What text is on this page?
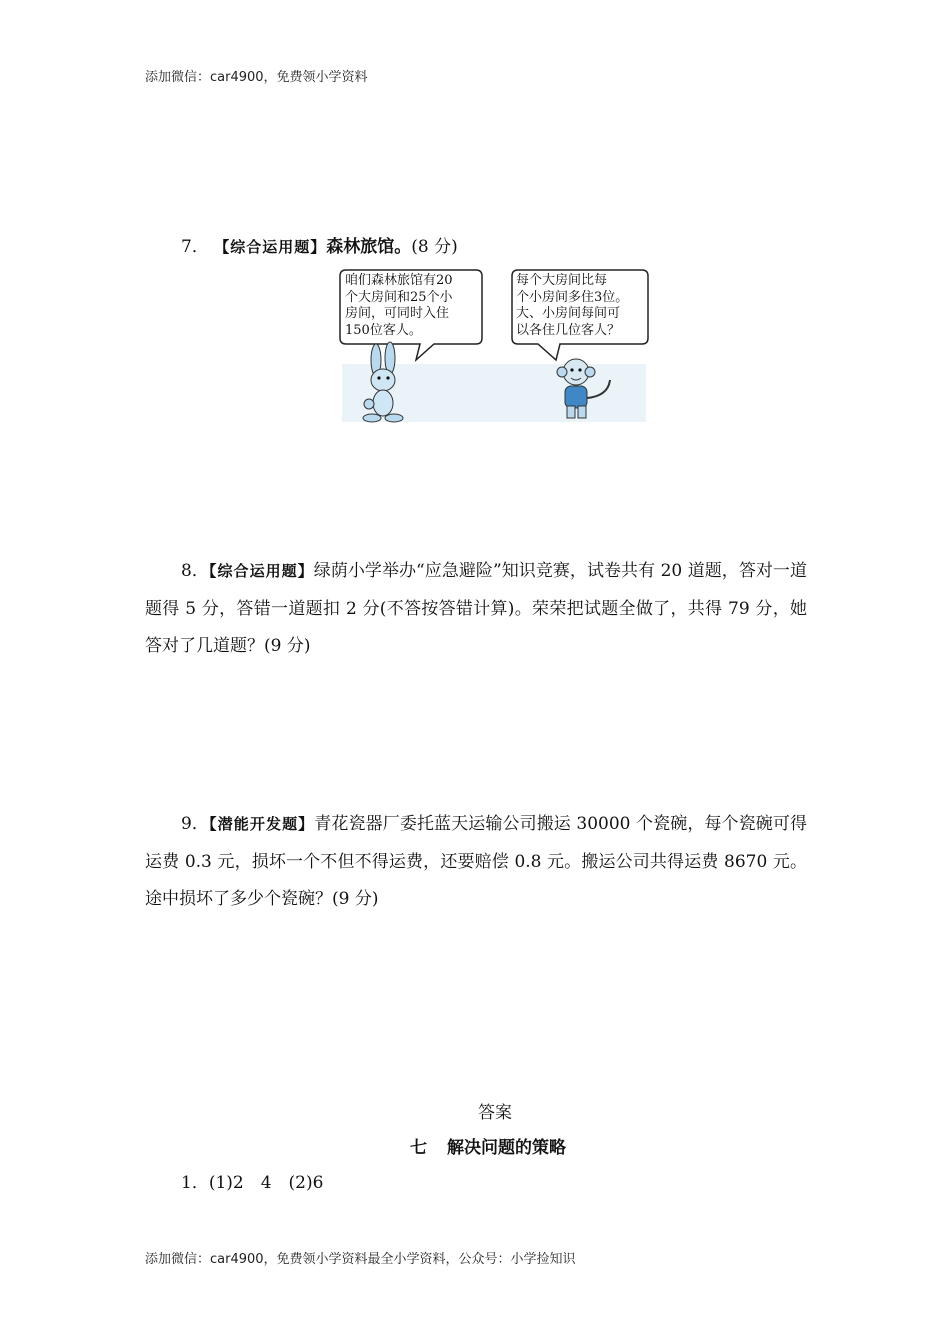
添加微信：car4900，免费领小学资料
7． 【综合运用题】森林旅馆。(8 分)
咱们森林旅馆有20
个大房间和25个小
房间，可同时入住
150位客人。
每个大房间比每
个小房间多住3位。
大、小房间每间可
以各住几位客人？
8．【综合运用题】绿荫小学举办“应急避险”知识竞赛，试卷共有 20 道题，答对一道题得 5 分，答错一道题扣 2 分(不答按答错计算)。荣荣把试题全做了，共得 79 分，她答对了几道题？(9 分)
9．【潜能开发题】青花瓷器厂委托蓝天运输公司搬运 30000 个瓷碗，每个瓷碗可得运费 0.3 元，损坏一个不但不得运费，还要赔偿 0.8 元。搬运公司共得运费 8670 元。途中损坏了多少个瓷碗？(9 分)
答案
七 解决问题的策略
1．(1)2　4　(2)6
添加微信：car4900，免费领小学资料最全小学资料，公众号：小学捡知识
